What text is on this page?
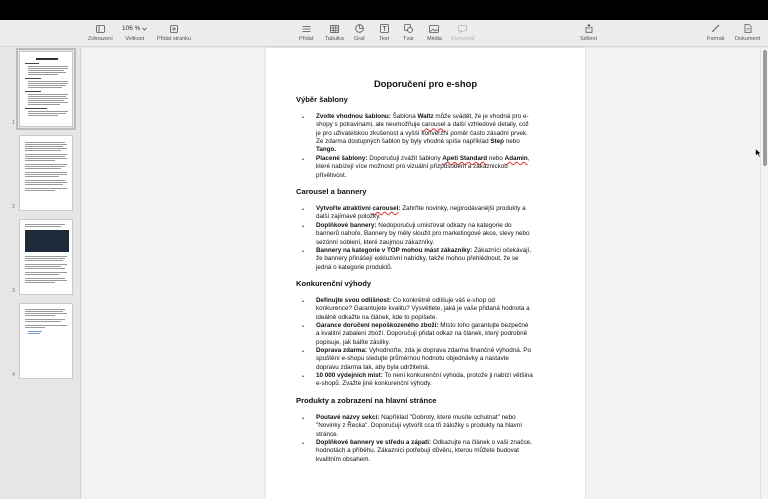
Zobrazení
106 %
Velikost Přidat stránku	Přidat Tabulka Graf	Text	Tvar Média Komentář	Sdílení	Formát Dokument
1
2
3
4
Doporučení pro e-shop
Výběr šablony
• Zvolte vhodnou šablonu: Šablona Waltz může svádět, že je vhodná pro e-
shopy s potravinami, ale neumožňuje carousel a další vzhledové detaily, což
je pro uživatelskou zkušenost a vyšší konverzní poměr často zásadní prvek.
Ze zdarma dostupných šablon by byly vhodné spíše například Step nebo
Tango.
• Placené šablony: Doporučuji zvážit šablony Apeti Standard nebo Adamin,
které nabízejí více možností pro vizuální přizpůsobení a zákaznickou
přívětivost.
Carousel a bannery
• Vytvořte atraktivní carousel: Zahrňte novinky, nejprodávanější produkty a
další zajímavé položky.
• Doplňkové bannery: Nedoporučuji umisťovat odkazy na kategorie do
bannerů nahoře. Bannery by měly sloužit pro marketingové akce, slevy nebo
sezónní soblení, které zaujmou zákazníky.
• Bannery na kategorie v TOP mohou mást zákazníky: Zákazníci očekávají,
že bannery přinášejí exkluzivní nabídky, takže mohou přehlédnout, že se
jedná o kategorie produktů.
Konkurenční výhody
• Definujte svou odlišnost: Co konkrétně odlišuje váš e-shop od
konkurence? Garantujete kvalitu? Vysvětlete, jaká je vaše přidaná hodnota a
ideálně odkažte na článek, kde to popíšete.
• Garance doručení nepoškozeného zboží: Místo toho garantujte bezpečné
a kvalitní zabalení zboží. Doporučuji přidat odkaz na článek, který podrobně
popisuje, jak balíte zásilky.
• Doprava zdarma: Vyhodnoťte, zda je doprava zdarma finančně výhodná. Po
spuštění e-shopu sledujte průměrnou hodnotu objednávky a nastavte
dopravu zdarma tak, aby byla udržitelná.
• 10 000 výdejních míst: To není konkurenční výhoda, protože ji nabízí většina
e-shopů. Zvažte jiné konkurenční výhody.
Produkty a zobrazení na hlavní stránce
• Poutavé názvy sekcí: Například "Dobroty, které musíte ochutnat" nebo
"Novinky z Řecka". Doporučuji vytvořit cca tři záložky s produkty na hlavní
stránce.
• Doplňkové bannery ve středu a zápatí: Odkazujte na článek o vaší značce,
hodnotách a příběhu. Zákazníci potřebují důvěru, kterou můžete budovat
kvalitním obsahem.
